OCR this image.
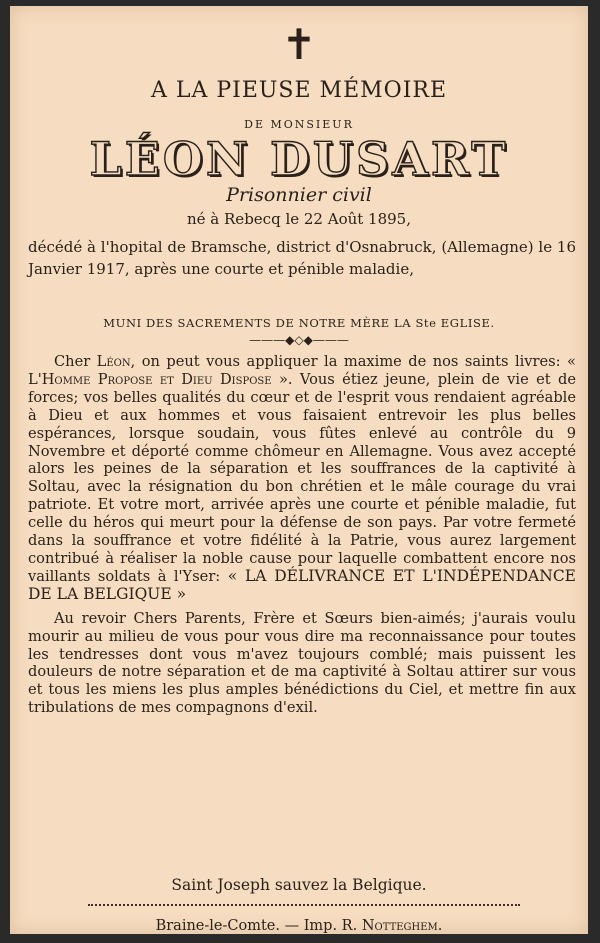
✝
A LA PIEUSE MÉMOIRE
DE MONSIEUR
LÉON DUSART
Prisonnier civil
né à Rebecq le 22 Août 1895,
décédé à l'hopital de Bramsche, district d'Osnabruck, (Allemagne) le 16 Janvier 1917, après une courte et pénible maladie,
MUNI DES SACREMENTS DE NOTRE MÈRE LA Ste EGLISE.
———◆◇◆———

Cher Léon, on peut vous appliquer la maxime de nos saints livres: « L'Homme Propose et Dieu Dispose ». Vous étiez jeune, plein de vie et de forces; vos belles qualités du cœur et de l'esprit vous rendaient agréable à Dieu et aux hommes et vous faisaient entrevoir les plus belles espérances, lorsque soudain, vous fûtes enlevé au contrôle du 9 Novembre et déporté comme chômeur en Allemagne. Vous avez accepté alors les peines de la séparation et les souffrances de la captivité à Soltau, avec la résignation du bon chrétien et le mâle courage du vrai patriote. Et votre mort, arrivée après une courte et pénible maladie, fut celle du héros qui meurt pour la défense de son pays. Par votre fermeté dans la souffrance et votre fidélité à la Patrie, vous aurez largement contribué à réaliser la noble cause pour laquelle combattent encore nos vaillants soldats à l'Yser: « LA DÉLIVRANCE ET L'INDÉPENDANCE DE LA BELGIQUE »

Au revoir Chers Parents, Frère et Sœurs bien-aimés; j'aurais voulu mourir au milieu de vous pour vous dire ma reconnaissance pour toutes les tendresses dont vous m'avez toujours comblé; mais puissent les douleurs de notre séparation et de ma captivité à Soltau attirer sur vous et tous les miens les plus amples bénédictions du Ciel, et mettre fin aux tribulations de mes compagnons d'exil.

Saint Joseph sauvez la Belgique.
Braine-le-Comte. — Imp. R. Notteghem.
